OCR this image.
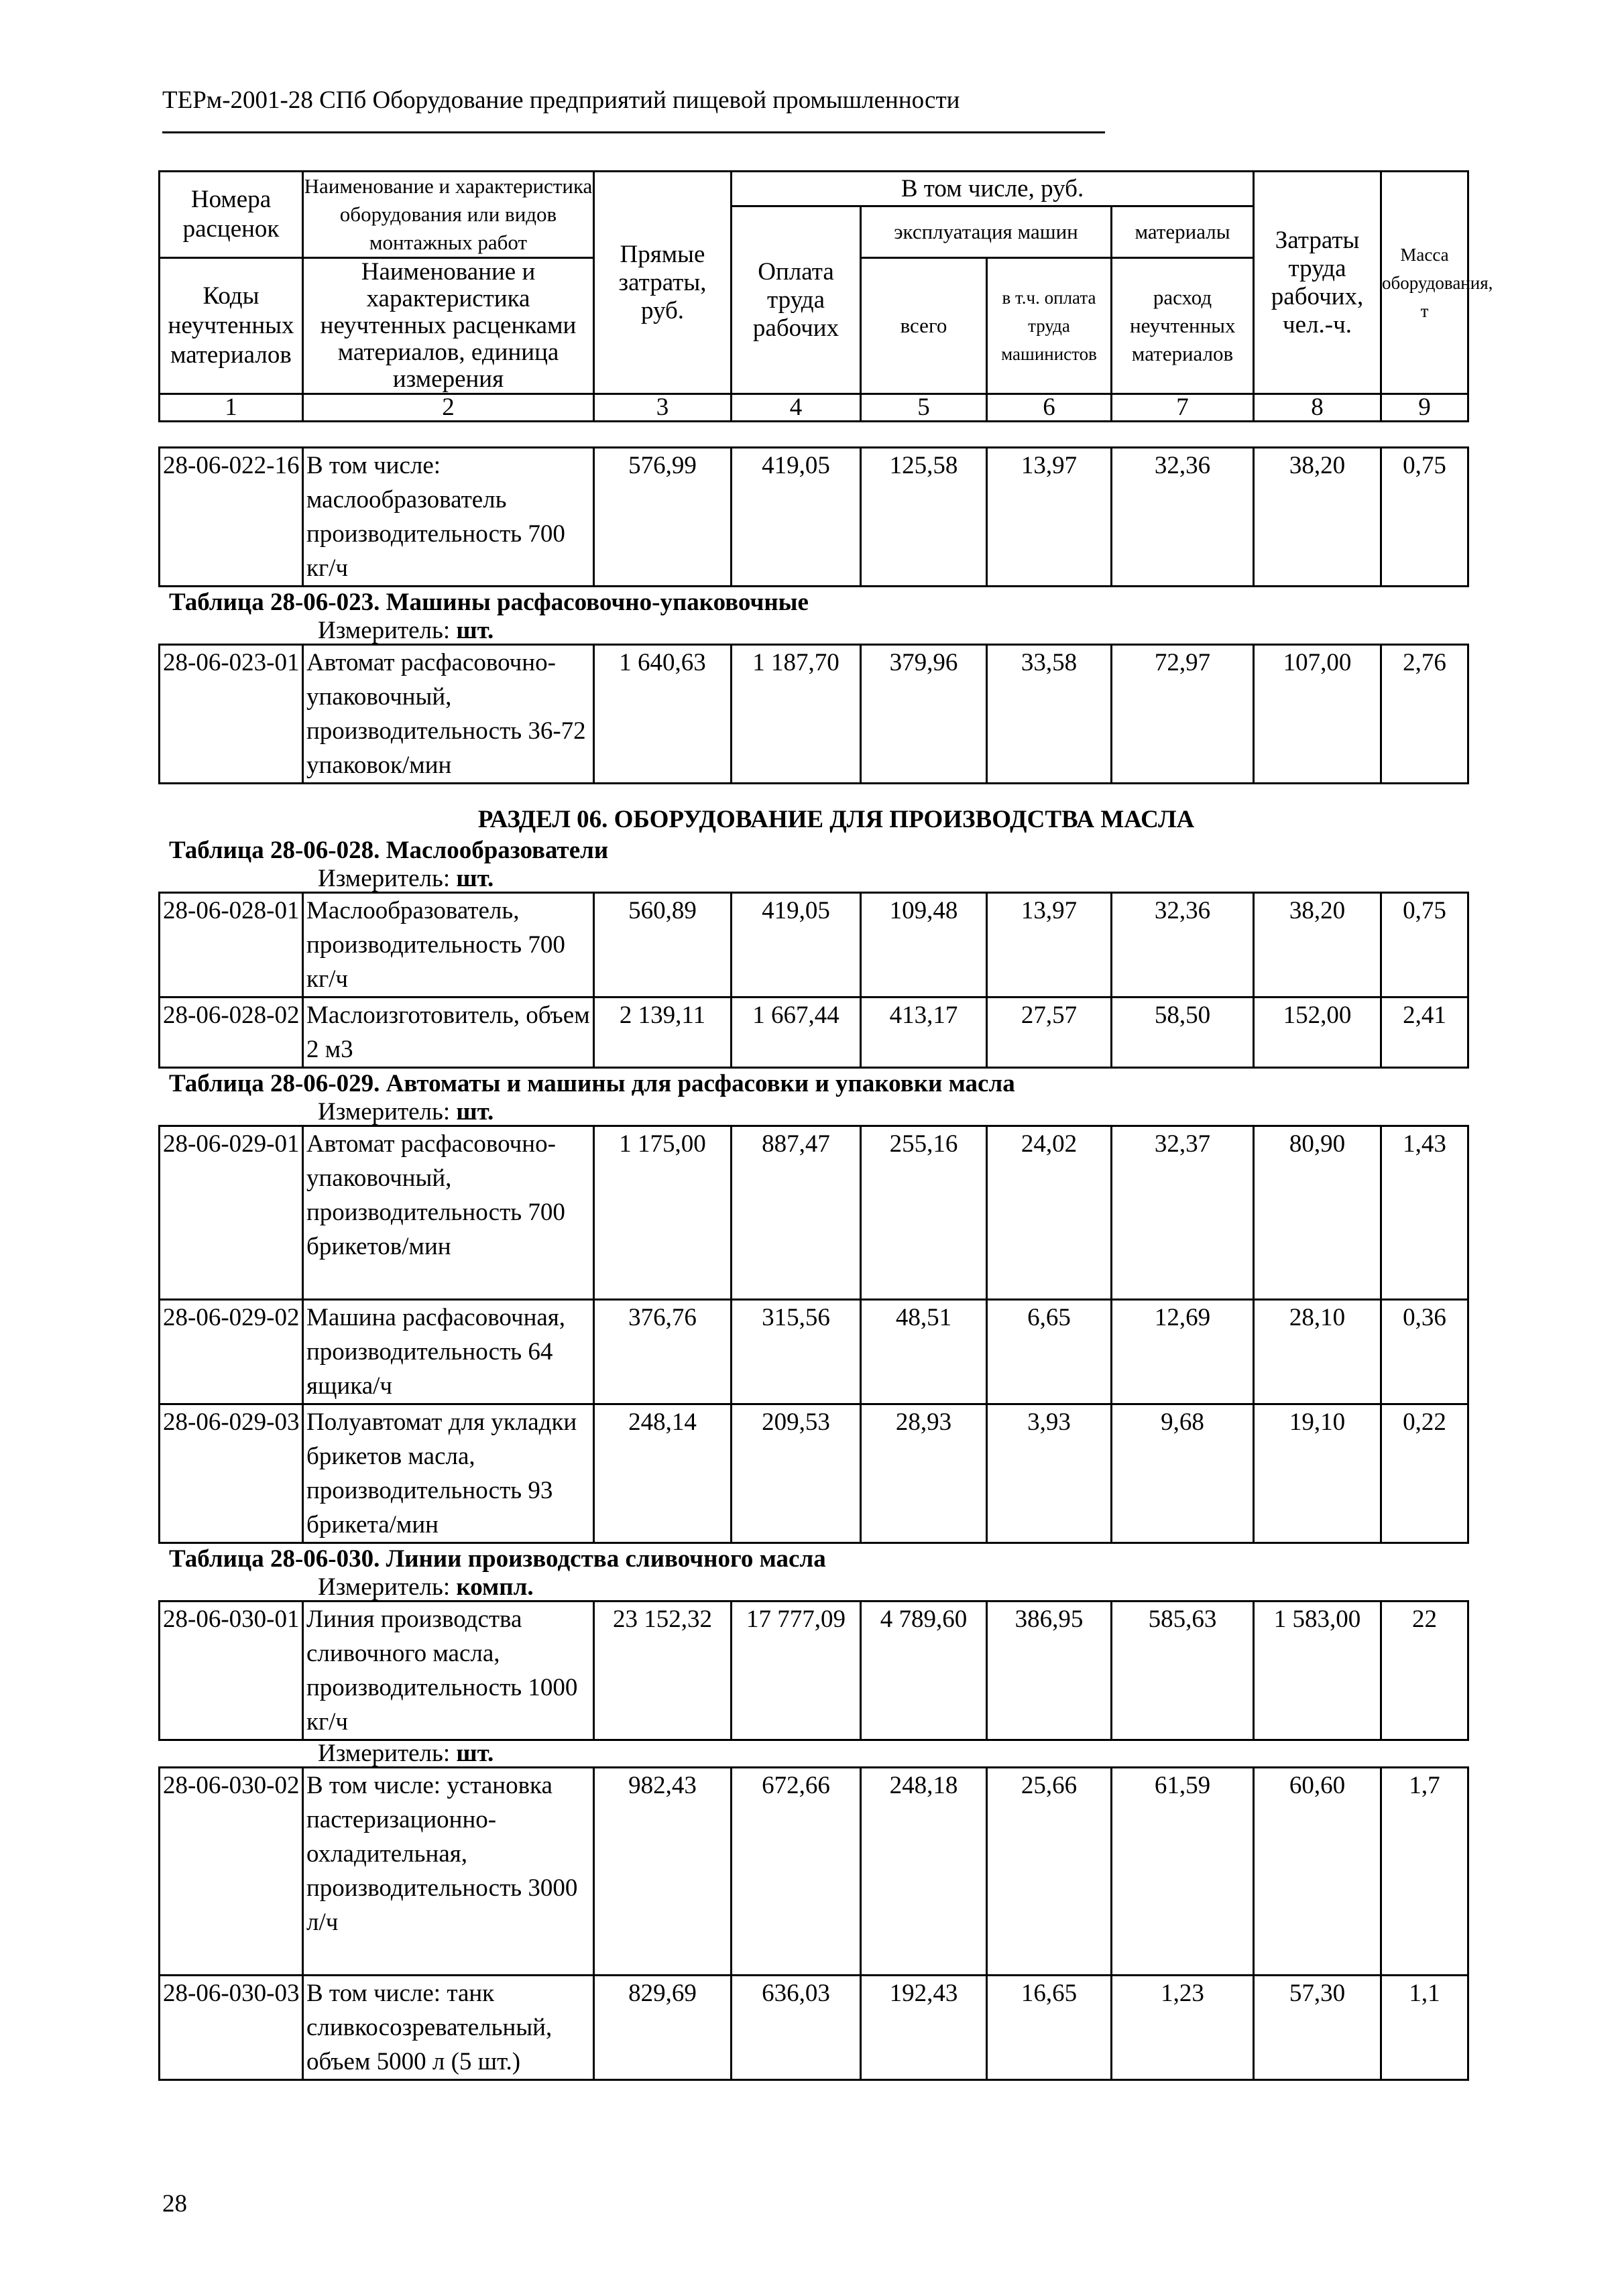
ТЕРм-2001-28 СПб Оборудование предприятий пищевой промышленности
Номера расценок	Наименование и характеристика оборудования или видов монтажных работ	Прямые затраты, руб.	В том числе, руб.				Затраты труда рабочих, чел.-ч.	Масса оборудования, т
			Оплата труда рабочих	эксплуатация машин		материалы		
Коды неучтенных материалов	Наименование и характеристика неучтенных расценками материалов, единица измерения			всего	в т.ч. оплата труда машинистов	расход неучтенных материалов		

1	2	3	4	5	6	7	8	9
28-06-022-16	В том числе: маслообразователь производительность 700 кг/ч	576,99	419,05	125,58	13,97	32,36	38,20	0,75
Таблица 28-06-023. Машины расфасовочно-упаковочные
Измеритель: шт.
28-06-023-01	Автомат расфасовочно-упаковочный, производительность 36-72 упаковок/мин	1 640,63	1 187,70	379,96	33,58	72,97	107,00	2,76
РАЗДЕЛ 06. ОБОРУДОВАНИЕ ДЛЯ ПРОИЗВОДСТВА МАСЛА
Таблица 28-06-028. Маслообразователи
Измеритель: шт.
28-06-028-01	Маслообразователь, производительность 700 кг/ч	560,89	419,05	109,48	13,97	32,36	38,20	0,75
28-06-028-02	Маслоизготовитель, объем 2 м3	2 139,11	1 667,44	413,17	27,57	58,50	152,00	2,41
Таблица 28-06-029. Автоматы и машины для расфасовки и упаковки масла
Измеритель: шт.
28-06-029-01	Автомат расфасовочно-упаковочный, производительность 700 брикетов/мин	1 175,00	887,47	255,16	24,02	32,37	80,90	1,43
28-06-029-02	Машина расфасовочная, производительность 64 ящика/ч	376,76	315,56	48,51	6,65	12,69	28,10	0,36
28-06-029-03	Полуавтомат для укладки брикетов масла, производительность 93 брикета/мин	248,14	209,53	28,93	3,93	9,68	19,10	0,22
Таблица 28-06-030. Линии производства сливочного масла
Измеритель: компл.
28-06-030-01	Линия производства сливочного масла, производительность 1000 кг/ч	23 152,32	17 777,09	4 789,60	386,95	585,63	1 583,00	22
Измеритель: шт.
28-06-030-02	В том числе: установка пастеризационно-охладительная, производительность 3000 л/ч	982,43	672,66	248,18	25,66	61,59	60,60	1,7
28-06-030-03	В том числе: танк сливкосозревательный, объем 5000 л (5 шт.)	829,69	636,03	192,43	16,65	1,23	57,30	1,1
28
